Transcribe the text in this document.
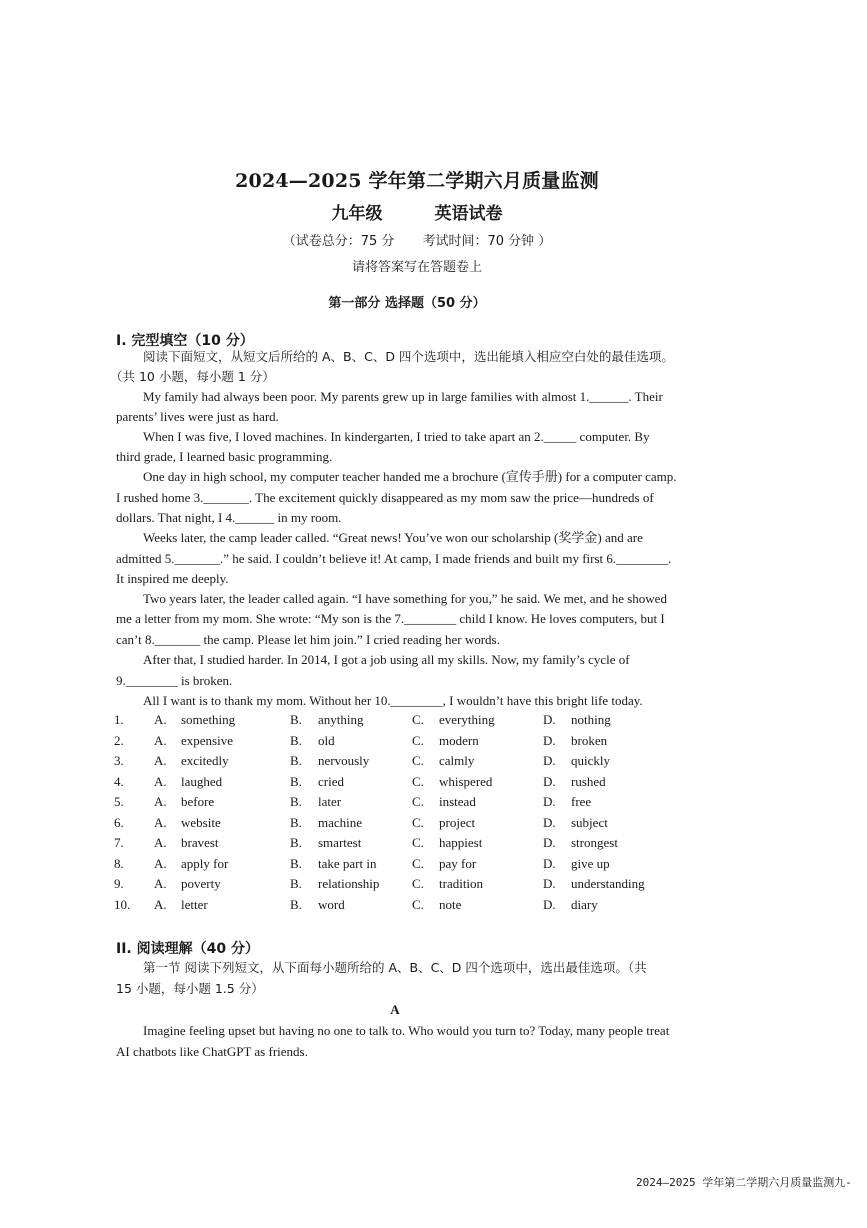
2024—2025 学年第二学期六月质量监测
九年级	英语试卷
（试卷总分：75 分 考试时间：70 分钟 ）
请将答案写在答题卷上
第一部分 选择题（50 分）
I. 完型填空（10 分）
阅读下面短文，从短文后所给的 A、B、C、D 四个选项中，选出能填入相应空白处的最佳选项。
（共 10 小题，每小题 1 分）
My family had always been poor. My parents grew up in large families with almost 1.______. Their
parents’ lives were just as hard.
When I was five, I loved machines. In kindergarten, I tried to take apart an 2._____ computer. By
third grade, I learned basic programming.
One day in high school, my computer teacher handed me a brochure (宣传手册) for a computer camp.
I rushed home 3._______. The excitement quickly disappeared as my mom saw the price—hundreds of
dollars. That night, I 4.______ in my room.
Weeks later, the camp leader called. “Great news! You’ve won our scholarship (奖学金) and are
admitted 5._______.” he said. I couldn’t believe it! At camp, I made friends and built my first 6.________.
It inspired me deeply.
Two years later, the leader called again. “I have something for you,” he said. We met, and he showed
me a letter from my mom. She wrote: “My son is the 7.________ child I know. He loves computers, but I
can’t 8._______ the camp. Please let him join.” I cried reading her words.
After that, I studied harder. In 2014, I got a job using all my skills. Now, my family’s cycle of
9.________ is broken.
All I want is to thank my mom. Without her 10.________, I wouldn’t have this bright life today.
1. A. something	B. anything	C. everything	D. nothing
2. A. expensive	B. old	C. modern	D. broken
3. A. excitedly	B. nervously	C. calmly	D. quickly
4. A. laughed	B. cried	C. whispered	D. rushed
5. A. before	B. later	C. instead	D. free
6. A. website	B. machine	C. project	D. subject
7. A. bravest	B. smartest	C. happiest	D. strongest
8. A. apply for	B. take part in	C. pay for	D. give up
9. A. poverty	B. relationship	C. tradition	D. understanding
10. A. letter	B. word	C. note	D. diary
II. 阅读理解（40 分）
第一节 阅读下列短文，从下面每小题所给的 A、B、C、D 四个选项中，选出最佳选项。（共
15 小题，每小题 1.5 分）
A
Imagine feeling upset but having no one to talk to. Who would you turn to? Today, many people treat
AI chatbots like ChatGPT as friends.
2024—2025 学年第二学期六月质量监测九-
